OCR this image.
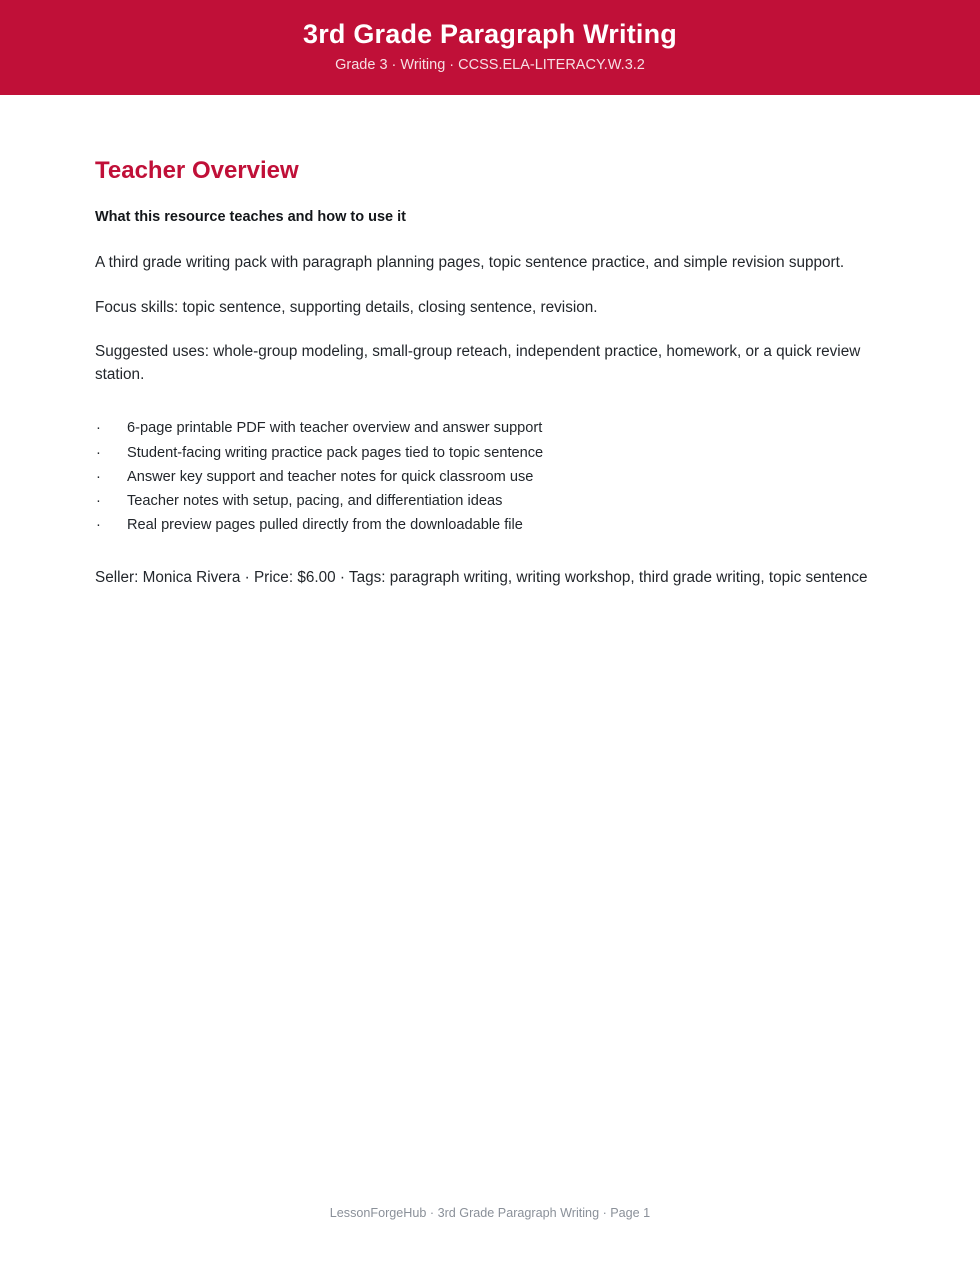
3rd Grade Paragraph Writing
Grade 3 · Writing · CCSS.ELA-LITERACY.W.3.2
Teacher Overview
What this resource teaches and how to use it

A third grade writing pack with paragraph planning pages, topic sentence practice, and simple revision support.

Focus skills: topic sentence, supporting details, closing sentence, revision.

Suggested uses: whole-group modeling, small-group reteach, independent practice, homework, or a quick review station.

· 6-page printable PDF with teacher overview and answer support
· Student-facing writing practice pack pages tied to topic sentence
· Answer key support and teacher notes for quick classroom use
· Teacher notes with setup, pacing, and differentiation ideas
· Real preview pages pulled directly from the downloadable file

Seller: Monica Rivera · Price: $6.00 · Tags: paragraph writing, writing workshop, third grade writing, topic sentence

LessonForgeHub · 3rd Grade Paragraph Writing · Page 1
